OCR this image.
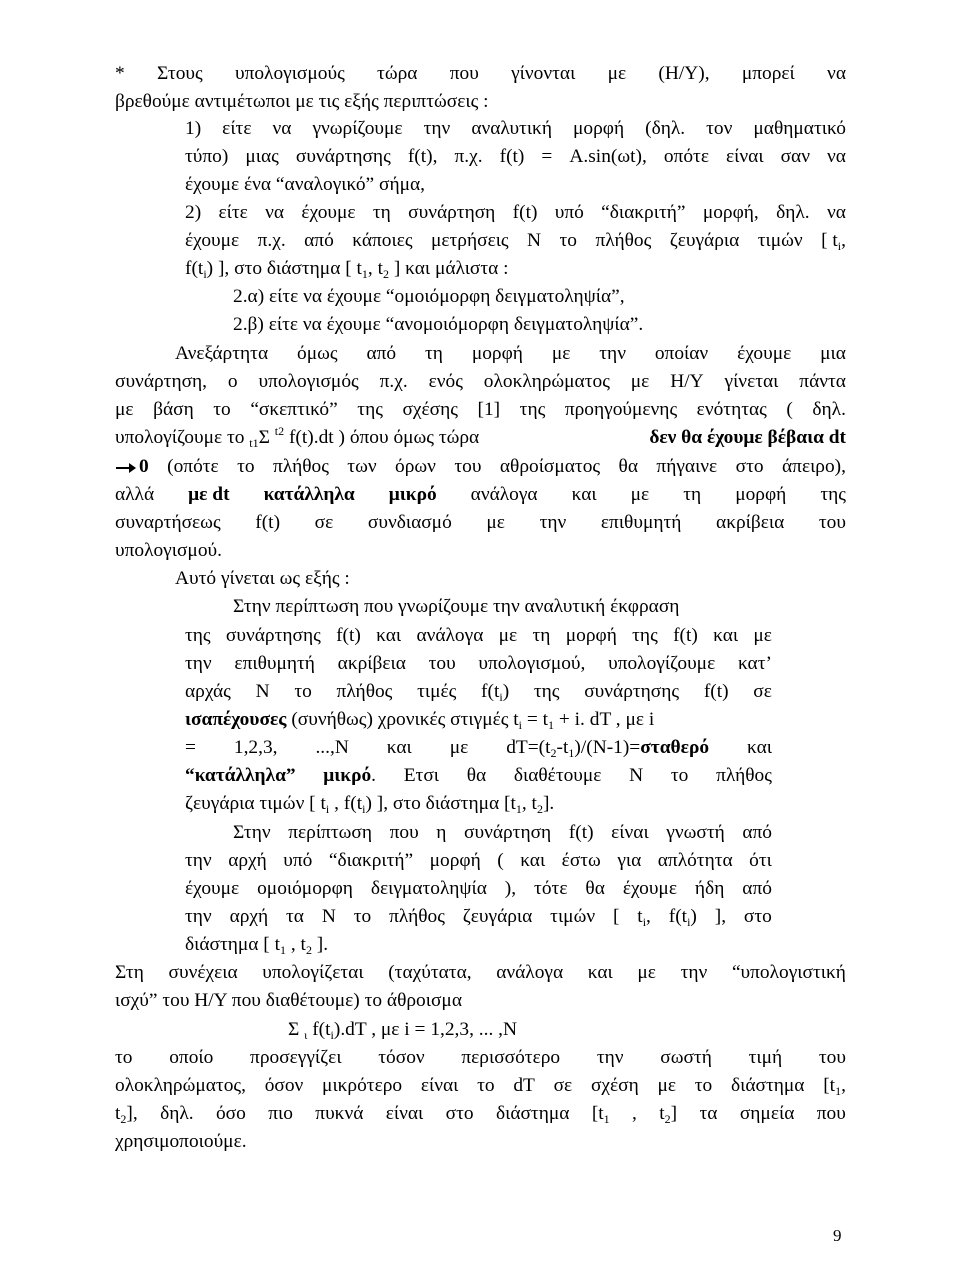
* Στους υπολογισμούς τώρα που γίνονται με (Η/Υ), μπορεί να
βρεθούμε αντιμέτωποι με τις εξής περιπτώσεις :
1) είτε να γνωρίζουμε την αναλυτική μορφή (δηλ. τον μαθηματικό
τύπο) μιας συνάρτησης f(t), π.χ. f(t) = A.sin(ωt), οπότε είναι σαν να
έχουμε ένα “αναλογικό” σήμα,
2) είτε να έχουμε τη συνάρτηση f(t) υπό “διακριτή” μορφή, δηλ. να
έχουμε π.χ. από κάποιες μετρήσεις Ν το πλήθος ζευγάρια τιμών [ $t_i$,
$f(t_i)$ ], στο διάστημα [ $t_1$, $t_2$ ] και μάλιστα :
2.α) είτε να έχουμε “ομοιόμορφη δειγματοληψία”,
2.β) είτε να έχουμε “ανομοιόμορφη δειγματοληψία”.
Ανεξάρτητα όμως από τη μορφή με την οποίαν έχουμε μια
συνάρτηση, ο υπολογισμός π.χ. ενός ολοκληρώματος με Η/Υ γίνεται πάντα
με βάση το “σκεπτικό” της σχέσης [1] της προηγούμενης ενότητας ( δηλ.
υπολογίζουμε το $_{t1}$Σ $^{t2}$ f(t).dt ) όπου όμως τώρα	δεν θα έχουμε βέβαια dt
0 (οπότε το πλήθος των όρων του αθροίσματος θα πήγαινε στο άπειρο),
αλλά με dt κατάλληλα μικρό ανάλογα και με τη μορφή της
συναρτήσεως f(t) σε συνδιασμό με την επιθυμητή ακρίβεια του
υπολογισμού.
Αυτό γίνεται ως εξής :
Στην περίπτωση που γνωρίζουμε την αναλυτική έκφραση
της συνάρτησης f(t) και ανάλογα με τη μορφή της f(t) και με
την επιθυμητή ακρίβεια του υπολογισμού, υπολογίζουμε κατ’
αρχάς Ν το πλήθος τιμές $f(t_i)$ της συνάρτησης f(t) σε
ισαπέχουσες (συνήθως) χρονικές στιγμές $t_i = t_1 + i$. dT , με i
= 1,2,3, ...,Ν και με $dT=(t_2-t_1)/(N-1)=\sigma\tau\alpha\theta\varepsilon\rho ό$ και
“κατάλληλα” μικρό. Ετσι θα διαθέτουμε Ν το πλήθος
ζευγάρια τιμών [ $t_i$ , $f(t_i)$ ], στο διάστημα [$t_1$, $t_2$].
Στην περίπτωση που η συνάρτηση f(t) είναι γνωστή από
την αρχή υπό “διακριτή” μορφή ( και έστω για απλότητα ότι
έχουμε ομοιόμορφη δειγματοληψία ), τότε θα έχουμε ήδη από
την αρχή τα Ν το πλήθος ζευγάρια τιμών [ $t_i$, $f(t_i)$ ], στο
διάστημα [ $t_1$ , $t_2$ ].
Στη συνέχεια υπολογίζεται (ταχύτατα, ανάλογα και με την “υπολογιστική
ισχύ” του Η/Υ που διαθέτουμε) το άθροισμα
Σ $_\iota$ $f(t_i).dT$ , με i = 1,2,3, ... ,Ν
το οποίο προσεγγίζει τόσον περισσότερο την σωστή τιμή του
ολοκληρώματος, όσον μικρότερο είναι το dT σε σχέση με το διάστημα [$t_1$,
$t_2$], δηλ. όσο πιο πυκνά είναι στο διάστημα [$t_1$ , $t_2$] τα σημεία που
χρησιμοποιούμε.
9
